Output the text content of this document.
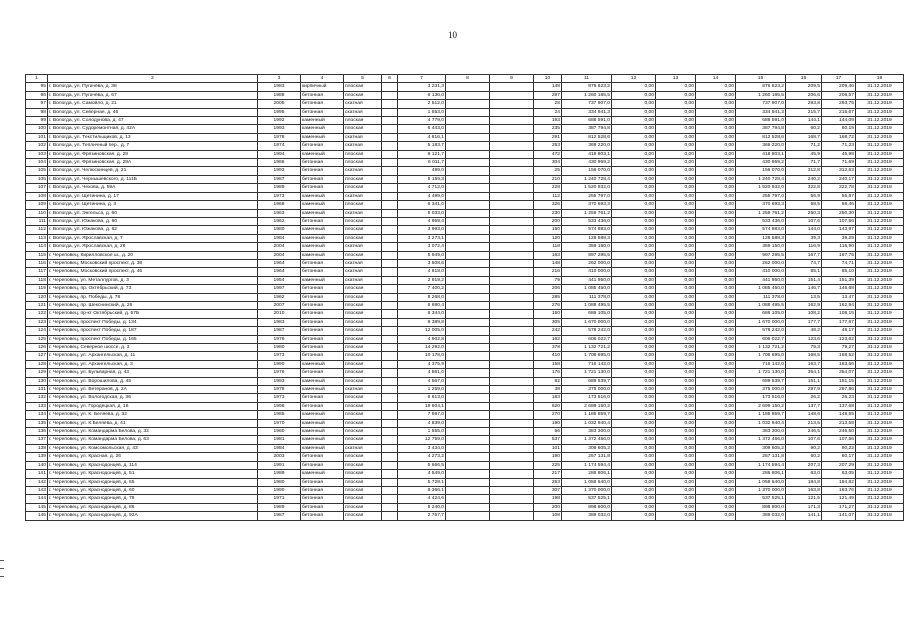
10
1	2	3	4	5	6	7	8	9	10	11	12	13	14	15	16	17	18
95	г. Вологда, ул. Пугачёва, д. 38	1983	кирпичный	плоская		3 231,3			148	876 623,2	0,00	0,00	0,00	876 623,2	209,5	209,46	31.12.2019
96	г. Вологда, ул. Пугачёва, д. 67	1988	бетонная	плоская		6 136,0			297	1 260 185,5	0,00	0,00	0,00	1 260 185,5	206,6	206,57	31.12.2019
97	г. Вологда, ул. Самойло, д. 21	2005	бетонная	скатная		2 512,0			28	737 907,0	0,00	0,00	0,00	737 907,0	293,8	293,75	31.12.2019
98	г. Вологда, ул. Северная, д. 46	1995	бетонная	скатная		1 553,0			24	334 941,3	0,00	0,00	0,00	334 941,3	215,7	215,67	31.12.2019
99	г. Вологда, ул. Солодунова, д. 47	1992	каменный	плоская		4 779,0			193	688 591,0	0,00	0,00	0,00	688 591,0	144,1	144,09	31.12.2019
100	г. Вологда, ул. Судоремонтная, д. 42А	1993	каменный	плоская		6 443,0			235	387 794,8	0,00	0,00	0,00	387 794,8	60,2	60,19	31.12.2019
101	г. Вологда, ул. Текстильщиков, д. 13	1978	каменный	скатная		4 816,1			291	812 528,6	0,00	0,00	0,00	812 528,6	168,7	168,72	31.12.2019
102	г. Вологда, ул. Тепличный пер., д. 7	1974	бетонная	скатная		5 183,7			253	369 220,0	0,00	0,00	0,00	369 220,0	71,2	71,23	31.12.2019
103	г. Вологда, ул. Фрязиновская, д. 28	1994	каменный	плоская		9 121,7			472	418 803,1	0,00	0,00	0,00	418 803,1	45,9	45,98	31.12.2019
104	г. Вологда, ул. Фрязиновская, д. 28А	1986	бетонная	плоская		6 011,7			304	430 959,2	0,00	0,00	0,00	430 959,2	71,7	71,69	31.12.2019
105	г. Вологда, ул. Челюскинцев, д. 21	1993	бетонная	скатная		499,0			25	156 070,0	0,00	0,00	0,00	156 070,0	312,8	312,63	31.12.2019
106	г. Вологда, ул. Чернышевского, д. 111Б	1987	бетонная	плоская		5 159,3			210	1 240 728,4	0,00	0,00	0,00	1 240 728,4	240,2	240,17	31.12.2019
107	г. Вологда, ул. Чехова, д. 59А	1989	бетонная	плоская		4 712,0			228	1 520 932,0	0,00	0,00	0,00	1 520 932,0	322,8	322,78	31.12.2019
108	г. Вологда, ул. Щетинина, д. 17	1973	каменный	скатная		4 499,0			112	255 797,0	0,00	0,00	0,00	255 797,0	56,9	56,87	31.12.2019
109	г. Вологда, ул. Щетинина, д. 3	1968	каменный	плоская		6 341,0			326	370 693,3	0,00	0,00	0,00	370 693,3	58,5	58,46	31.12.2019
110	г. Вологда, ул. Энгельса, д. 60	1963	каменный	скатная		5 033,0			230	1 259 761,2	0,00	0,00	0,00	1 259 761,2	250,3	250,30	31.12.2019
111	г. Вологда, ул. Южакова, д. 60	1962	бетонная	плоская		4 959,4			200	533 436,0	0,00	0,00	0,00	533 436,0	107,6	107,56	31.12.2019
112	г. Вологда, ул. Южакова, д. 62	1980	каменный	плоская		3 993,0			150	574 883,0	0,00	0,00	0,00	574 883,0	144,0	143,97	31.12.2019
113	г. Вологда, ул. Ярославская, д. 7	1984	каменный	плоская		3 273,1			120	128 588,3	0,00	0,00	0,00	128 588,3	39,3	39,29	31.12.2019
114	г. Вологда, ул. Ярославская, д. 26	2004	каменный	скатная		3 072,4			118	359 150,0	0,00	0,00	0,00	359 150,0	116,9	116,90	31.12.2019
115	г. Череповец, Кирилловское ш., д. 20	2004	каменный	плоская		5 949,0			163	997 295,5	0,00	0,00	0,00	997 295,5	167,7	167,75	31.12.2019
116	г. Череповец, Московский проспект, д. 38	1964	бетонная	скатная		3 508,6			148	262 000,0	0,00	0,00	0,00	262 000,0	74,7	74,71	31.12.2019
117	г. Череповец, Московский проспект, д. 46	1964	бетонная	скатная		4 818,0			216	410 000,0	0,00	0,00	0,00	410 000,0	85,1	85,10	31.12.2019
118	г. Череповец, ул. Металлургов, д. 3	1954	каменный	скатная		2 919,2			79	441 950,0	0,00	0,00	0,00	441 950,0	151,4	151,39	31.12.2019
119	г. Череповец, пр. Октябрьский, д. 73	1997	бетонная	плоская		7 400,2			206	1 085 450,0	0,00	0,00	0,00	1 085 450,0	146,7	146,68	31.12.2019
120	г. Череповец, пр. Победы, д. 78	1962	бетонная	плоская		8 268,0			285	111 378,0	0,00	0,00	0,00	111 378,0	13,5	13,47	31.12.2019
121	г. Череповец, пр. Шекснинский, д. 26	2007	бетонная	плоская		6 680,4			276	1 088 495,5	0,00	0,00	0,00	1 088 495,5	162,9	162,94	31.12.2019
122	г. Череповец, пр-кт Октябрьский, д. 57Б	2010	бетонная	плоская		6 344,0			150	686 105,0	0,00	0,00	0,00	686 105,0	108,2	108,15	31.12.2019
123	г. Череповец, проспект Победы, д. 134	1983	бетонная	плоская		9 389,8			305	1 670 000,0	0,00	0,00	0,00	1 670 000,0	177,7	177,67	31.12.2019
124	г. Череповец, проспект Победы, д. 187	1987	бетонная	плоская		12 005,0			242	578 242,0	0,00	0,00	0,00	578 242,0	48,2	48,17	31.12.2019
125	г. Череповец, проспект Победы, д. 165	1976	бетонная	плоская		4 902,8			162	606 022,7	0,00	0,00	0,00	606 022,7	123,6	123,62	31.12.2019
126	г. Череповец, Северное шоссе, д. 3	1980	бетонная	плоская		14 292,0			378	1 132 721,2	0,00	0,00	0,00	1 132 721,2	79,3	79,27	31.12.2019
127	г. Череповец, ул. Архангельская, д. 11	1973	бетонная	плоская		10 178,0			410	1 708 695,0	0,00	0,00	0,00	1 708 695,0	168,5	168,52	31.12.2019
128	г. Череповец, ул. Архангельская, д. 3	1990	каменный	плоская		4 375,9			158	716 142,0	0,00	0,00	0,00	716 142,0	163,7	163,66	31.12.2019
129	г. Череповец, ул. Бульварная, д. 43	1976	бетонная	плоская		4 861,0			176	1 721 130,0	0,00	0,00	0,00	1 721 130,0	354,1	354,07	31.12.2019
130	г. Череповец, ул. Ворошилова, д. 45	1993	каменный	плоская		4 567,0			82	689 539,7	0,00	0,00	0,00	689 539,7	151,1	151,15	31.12.2019
131	г. Череповец, ул. Ветеранов, д. 2А	1978	каменный	скатная		1 259,0			38	375 000,0	0,00	0,00	0,00	375 000,0	297,9	297,86	31.12.2019
132	г. Череповец, ул. Вологодская, д. 36	1973	бетонная	плоская		6 613,0			183	173 516,0	0,00	0,00	0,00	173 516,0	26,2	26,23	31.12.2019
133	г. Череповец, ул. Городецкая, д. 16	1996	бетонная	плоская		19 604,1			620	2 699 150,2	0,00	0,00	0,00	2 699 150,2	137,7	137,68	31.12.2019
134	г. Череповец, ул. К. Беляева, д. 32	1985	каменный	плоская		7 987,0			270	1 185 859,7	0,00	0,00	0,00	1 185 859,7	148,6	148,55	31.12.2019
135	г. Череповец, ул. К.Беляева, д. 41	1970	каменный	плоская		4 839,0			190	1 032 940,4	0,00	0,00	0,00	1 032 940,4	213,5	213,58	31.12.2019
136	г. Череповец, ул. Командарма Белова, д. 32	1960	каменный	плоская		1 555,0			56	383 300,0	0,00	0,00	0,00	383 300,0	246,5	246,50	31.12.2019
137	г. Череповец, ул. Командарма Белова, д. 63	1981	каменный	плоская		12 759,0			537	1 372 456,0	0,00	0,00	0,00	1 372 456,0	107,6	107,56	31.12.2019
138	г. Череповец, ул. Комсомольская, д. 43	1984	каменный	скатная		3 434,0			101	309 605,2	0,00	0,00	0,00	309 605,2	90,2	90,22	31.12.2019
139	г. Череповец, ул. Красная, д. 26	2003	бетонная	плоская		4 273,2			190	257 131,8	0,00	0,00	0,00	257 131,8	60,2	60,17	31.12.2019
140	г. Череповец, ул. Краснодонцев, д. 114	1991	бетонная	плоская		5 666,5			225	1 174 594,4	0,00	0,00	0,00	1 174 594,4	207,3	207,29	31.12.2019
141	г. Череповец, ул. Краснодонцев, д. 51	1989	каменный	плоская		4 549,0			217	286 806,1	0,00	0,00	0,00	286 806,1	63,0	63,05	31.12.2019
142	г. Череповец, ул. Краснодонцев, д. 55	1980	бетонная	плоская		5 728,1			253	1 058 640,0	0,00	0,00	0,00	1 058 640,0	184,8	184,82	31.12.2019
143	г. Череповец, ул. Краснодонцев, д. 60	1990	бетонная	плоская		8 366,1			307	1 370 000,0	0,00	0,00	0,00	1 370 000,0	163,8	163,76	31.12.2019
144	г. Череповец, ул. Краснодонцев, д. 78	1971	бетонная	плоская		4 424,6			198	537 525,1	0,00	0,00	0,00	537 525,1	121,5	121,49	31.12.2019
145	г. Череповец, ул. Краснодонцев, д. 86	1989	бетонная	плоская		5 240,0			200	898 800,0	0,00	0,00	0,00	898 800,0	171,3	171,27	31.12.2019
146	г. Череповец, ул. Краснодонцев, д. 92А	1987	бетонная	плоская		2 757,7			108	389 032,0	0,00	0,00	0,00	389 032,0	141,1	141,07	31.12.2019
